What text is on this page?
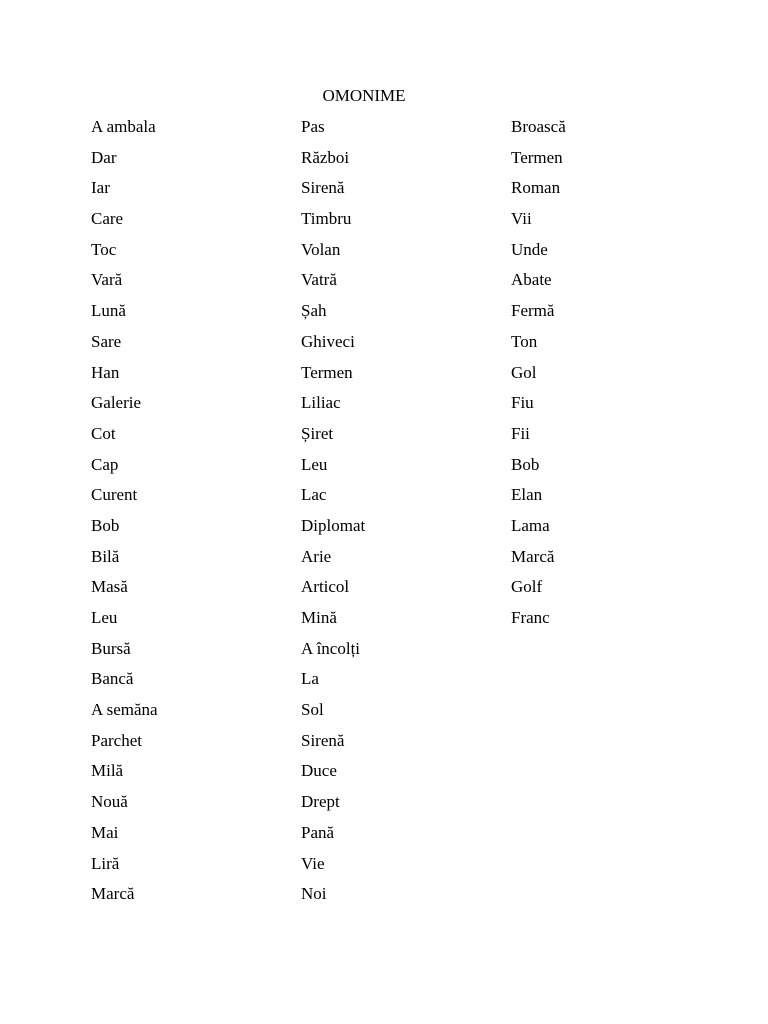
OMONIME
A ambala
Dar
Iar
Care
Toc
Vară
Lună
Sare
Han
Galerie
Cot
Cap
Curent
Bob
Bilă
Masă
Leu
Bursă
Bancă
A semăna
Parchet
Milă
Nouă
Mai
Liră
Marcă
Pas
Război
Sirenă
Timbru
Volan
Vatră
Șah
Ghiveci
Termen
Liliac
Șiret
Leu
Lac
Diplomat
Arie
Articol
Mină
A încolți
La
Sol
Sirenă
Duce
Drept
Pană
Vie
Noi
Broască
Termen
Roman
Vii
Unde
Abate
Fermă
Ton
Gol
Fiu
Fii
Bob
Elan
Lama
Marcă
Golf
Franc
